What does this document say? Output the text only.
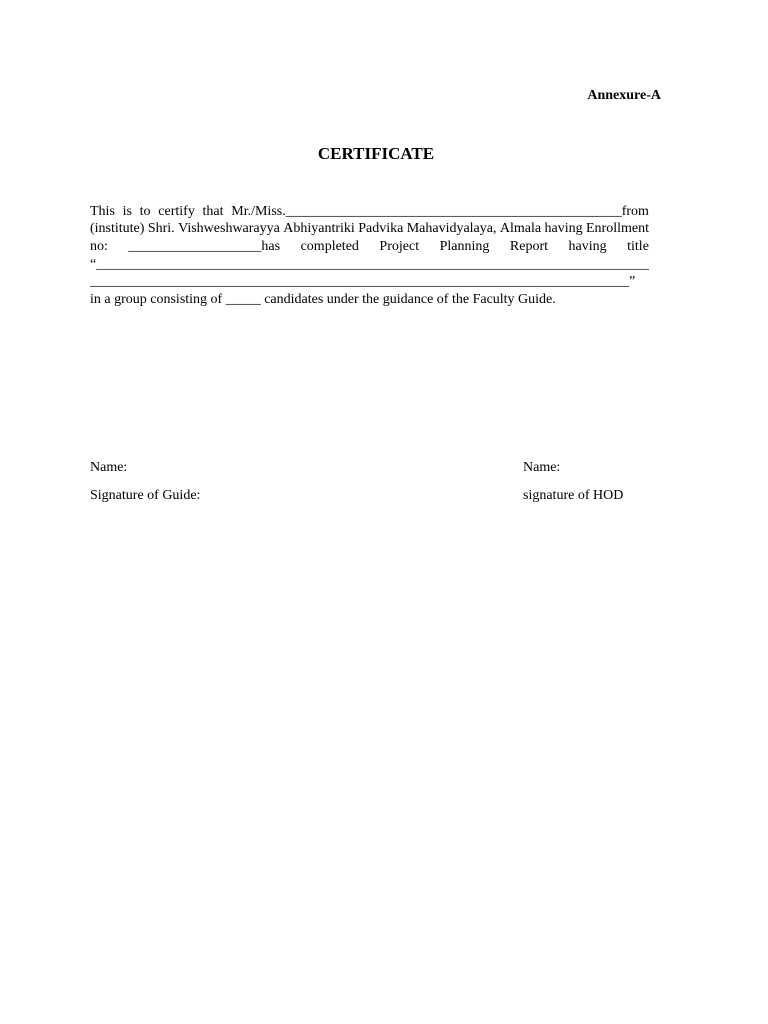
Annexure-A
CERTIFICATE
This is to certify that Mr./Miss.________________________________________________from
(institute) Shri. Vishweshwarayya Abhiyantriki Padvika Mahavidyalaya, Almala having Enrollment
no: ___________________has completed Project Planning Report having title
“_______________________________________________________________________________
_____________________________________________________________________________”
in a group consisting of _____ candidates under the guidance of the Faculty Guide.
Name:
Signature of Guide:
Name:
signature of HOD
